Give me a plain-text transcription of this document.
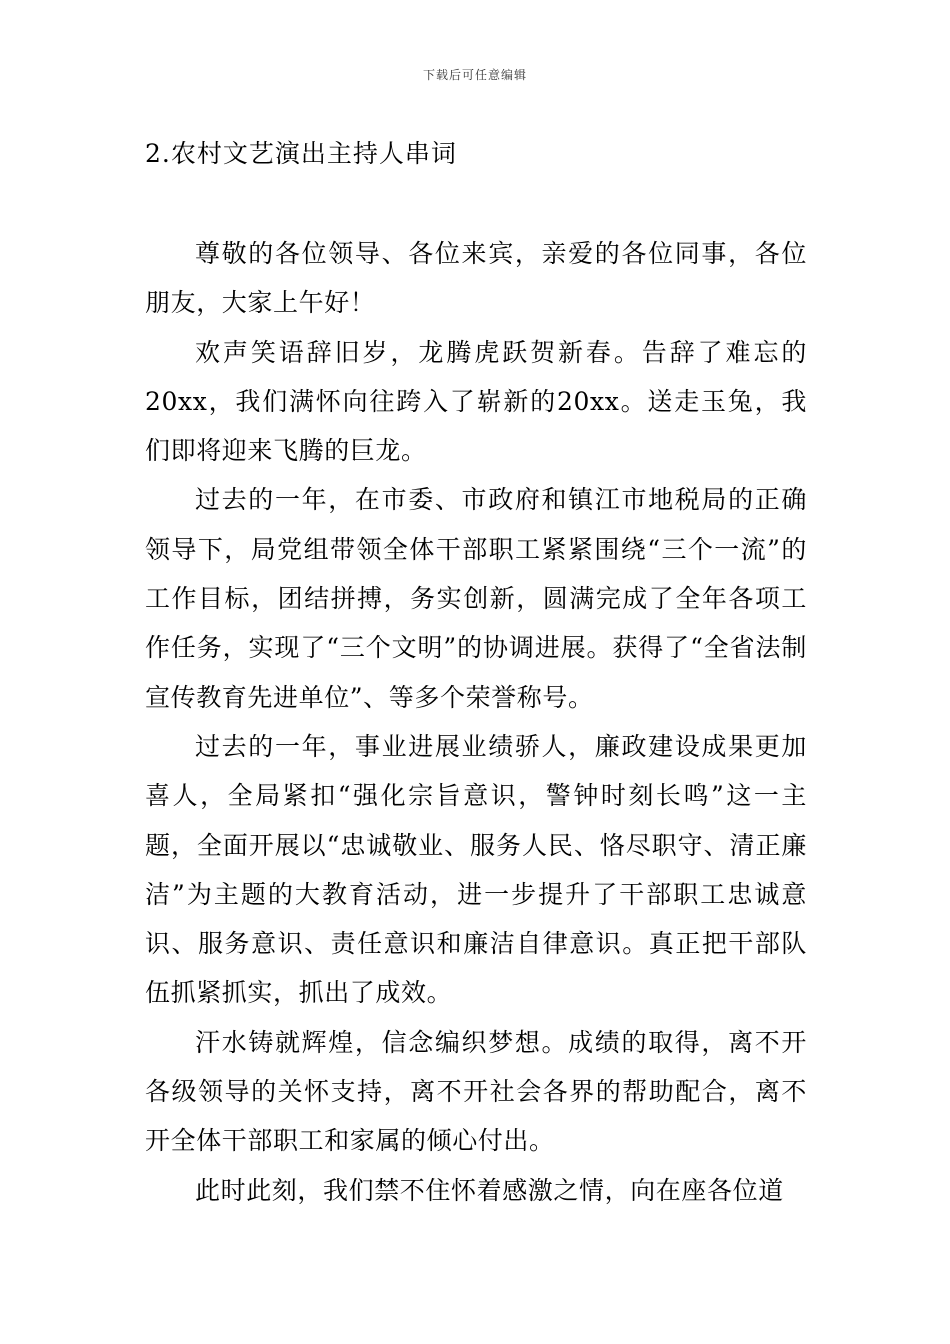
下载后可任意编辑
2.农村文艺演出主持人串词

尊敬的各位领导、各位来宾，亲爱的各位同事，各位朋友，大家上午好！

欢声笑语辞旧岁，龙腾虎跃贺新春。告辞了难忘的20xx，我们满怀向往跨入了崭新的20xx。送走玉兔，我们即将迎来飞腾的巨龙。

过去的一年，在市委、市政府和镇江市地税局的正确领导下，局党组带领全体干部职工紧紧围绕“三个一流”的工作目标，团结拼搏，务实创新，圆满完成了全年各项工作任务，实现了“三个文明”的协调进展。获得了“全省法制宣传教育先进单位”、等多个荣誉称号。

过去的一年，事业进展业绩骄人，廉政建设成果更加喜人，全局紧扣“强化宗旨意识，警钟时刻长鸣”这一主题，全面开展以“忠诚敬业、服务人民、恪尽职守、清正廉洁”为主题的大教育活动，进一步提升了干部职工忠诚意识、服务意识、责任意识和廉洁自律意识。真正把干部队伍抓紧抓实，抓出了成效。

汗水铸就辉煌，信念编织梦想。成绩的取得，离不开各级领导的关怀支持，离不开社会各界的帮助配合，离不开全体干部职工和家属的倾心付出。

此时此刻，我们禁不住怀着感激之情，向在座各位道
